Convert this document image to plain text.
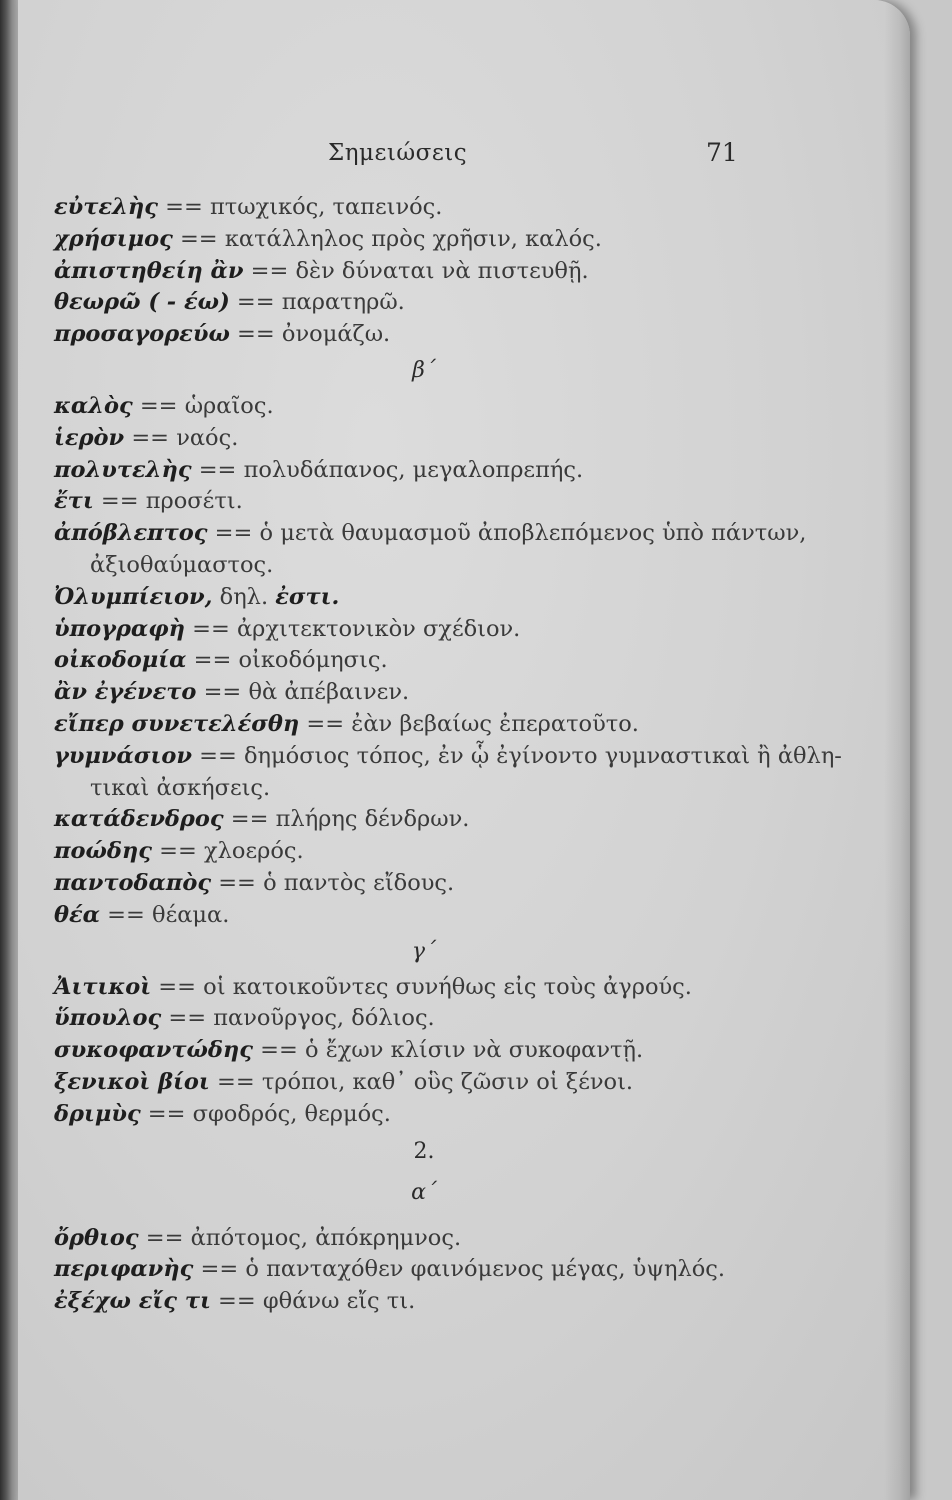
Σημειώσεις	71
εὐτελὴς == πτωχικός, ταπεινός.
χρήσιμος == κατάλληλος πρὸς χρῆσιν, καλός.
ἀπιστηθείη ἂν == δὲν δύναται νὰ πιστευθῇ.
θεωρῶ ( - έω) == παρατηρῶ.
προσαγορεύω == ὀνομάζω.
β´
καλὸς == ὡραῖος.
ἱερὸν == ναός.
πολυτελὴς == πολυδάπανος, μεγαλοπρεπής.
ἔτι == προσέτι.
ἀπόβλεπτος == ὁ μετὰ θαυμασμοῦ ἀποβλεπόμενος ὑπὸ πάντων,
ἀξιοθαύμαστος.
Ὀλυμπίειον, δηλ. ἐστι.
ὑπογραφὴ == ἀρχιτεκτονικὸν σχέδιον.
οἰκοδομία == οἰκοδόμησις.
ἂν ἐγένετο == θὰ ἀπέβαινεν.
εἴπερ συνετελέσθη == ἐὰν βεβαίως ἐπερατοῦτο.
γυμνάσιον == δημόσιος τόπος, ἐν ᾧ ἐγίνοντο γυμναστικαὶ ἢ ἀθλη-
τικαὶ ἀσκήσεις.
κατάδενδρος == πλήρης δένδρων.
ποώδης == χλοερός.
παντοδαπὸς == ὁ παντὸς εἴδους.
θέα == θέαμα.
γ´
Ἀιτικοὶ == οἱ κατοικοῦντες συνήθως εἰς τοὺς ἀγρούς.
ὕπουλος == πανοῦργος, δόλιος.
συκοφαντώδης == ὁ ἔχων κλίσιν νὰ συκοφαντῇ.
ξενικοὶ βίοι == τρόποι, καθ᾽ οὓς ζῶσιν οἱ ξένοι.
δριμὺς == σφοδρός, θερμός.
2.
α´
ὄρθιος == ἀπότομος, ἀπόκρημνος.
περιφανὴς == ὁ πανταχόθεν φαινόμενος μέγας, ὑψηλός.
ἐξέχω εἴς τι == φθάνω εἴς τι.
